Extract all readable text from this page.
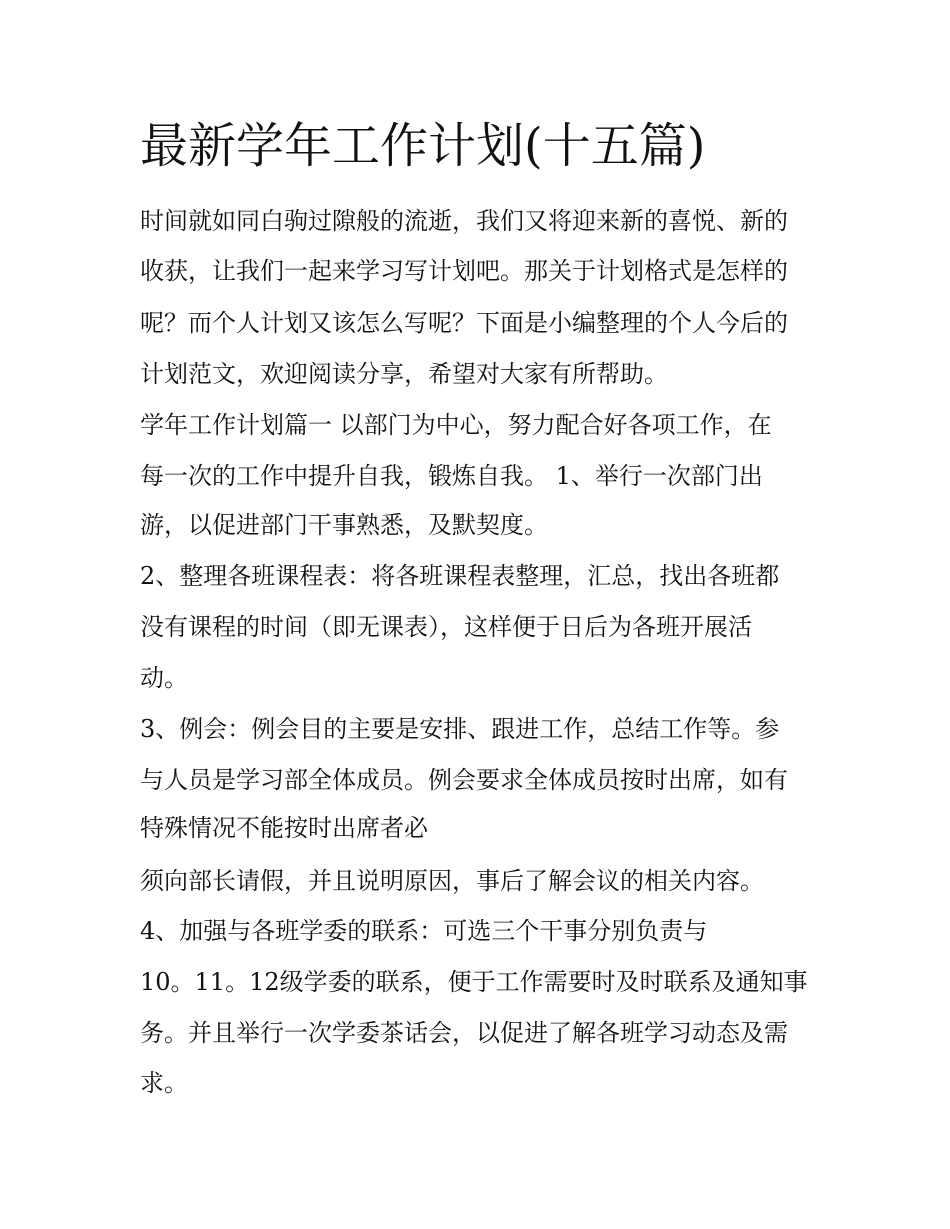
最新学年工作计划(十五篇)

时间就如同白驹过隙般的流逝，我们又将迎来新的喜悦、新的

收获，让我们一起来学习写计划吧。那关于计划格式是怎样的

呢？而个人计划又该怎么写呢？下面是小编整理的个人今后的

计划范文，欢迎阅读分享，希望对大家有所帮助。

学年工作计划篇一 以部门为中心，努力配合好各项工作，在

每一次的工作中提升自我，锻炼自我。 1、举行一次部门出

游，以促进部门干事熟悉，及默契度。

2、整理各班课程表：将各班课程表整理，汇总，找出各班都

没有课程的时间（即无课表），这样便于日后为各班开展活

动。

3、例会：例会目的主要是安排、跟进工作，总结工作等。参

与人员是学习部全体成员。例会要求全体成员按时出席，如有

特殊情况不能按时出席者必

须向部长请假，并且说明原因，事后了解会议的相关内容。

4、加强与各班学委的联系：可选三个干事分别负责与

10。11。12级学委的联系，便于工作需要时及时联系及通知事

务。并且举行一次学委茶话会，以促进了解各班学习动态及需

求。
